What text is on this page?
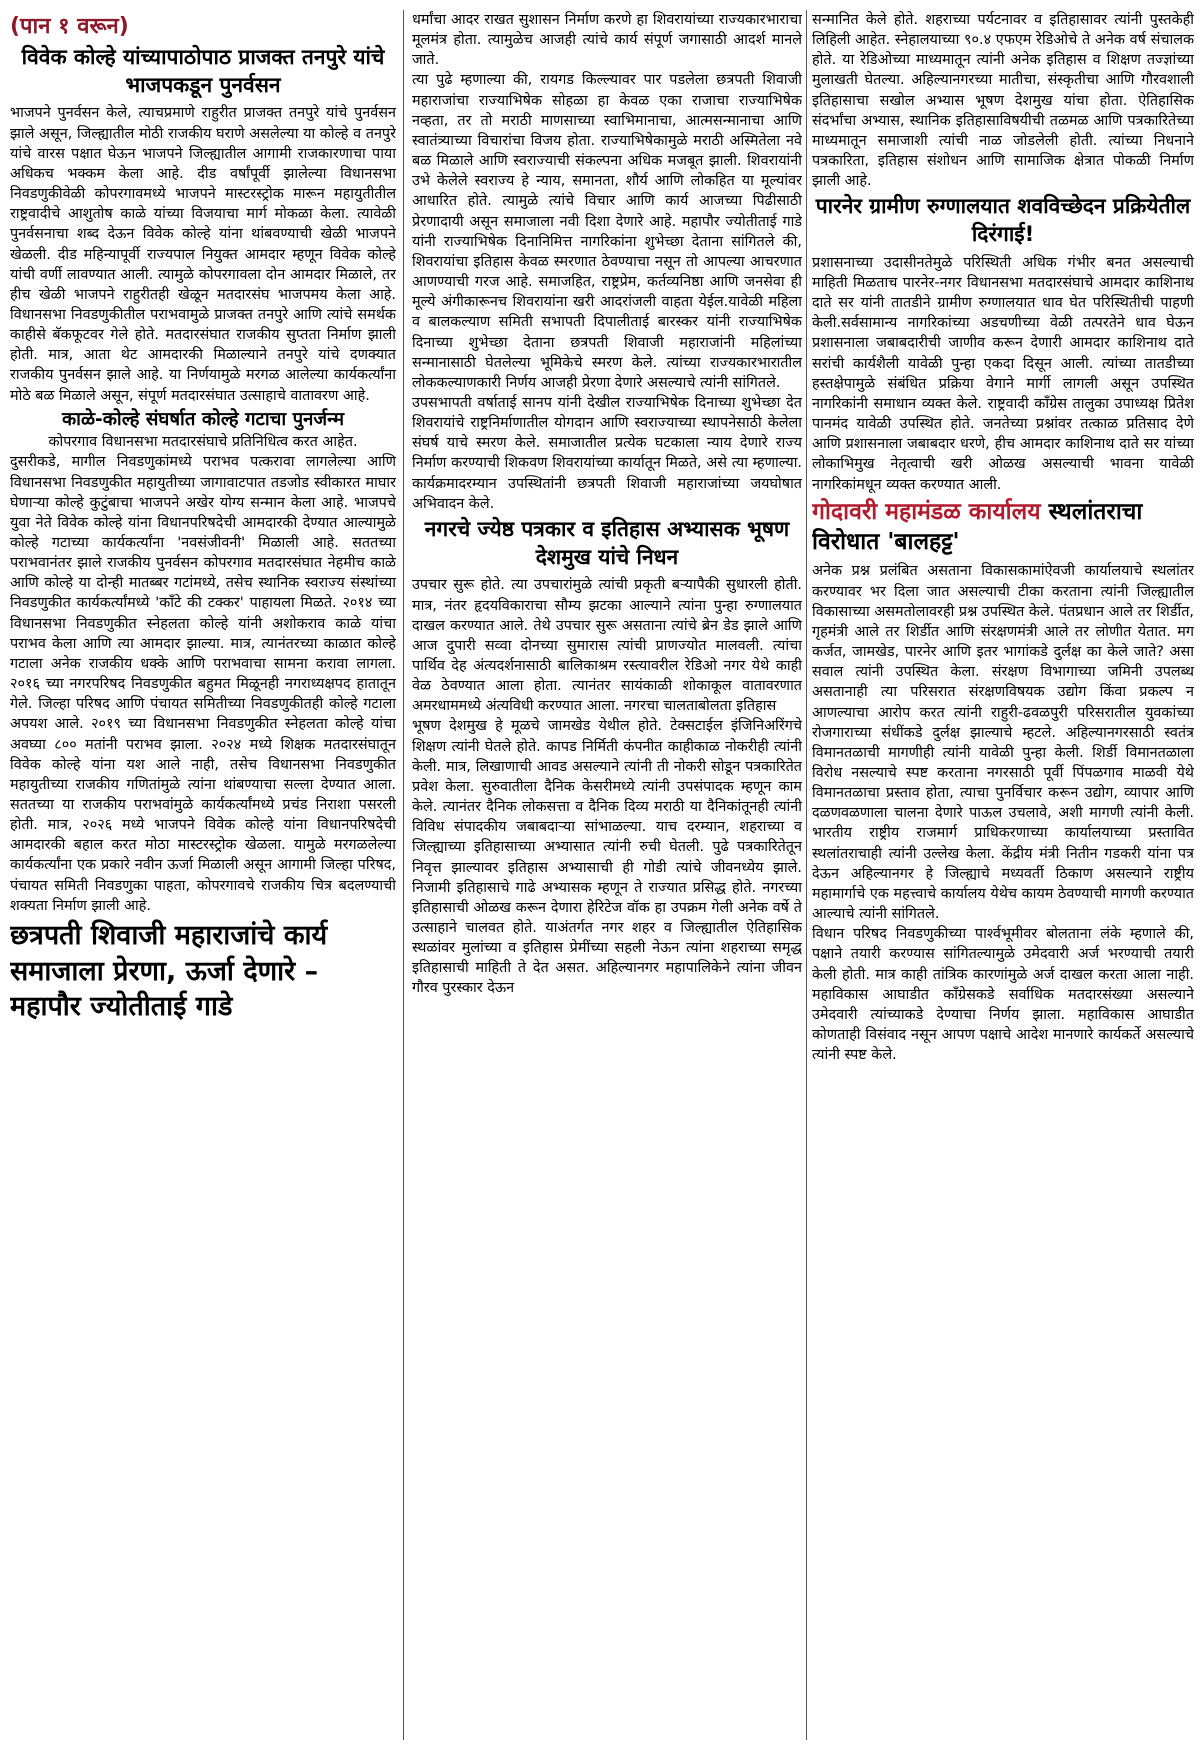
(पान १ वरून)
विवेक कोल्हे यांच्यापाठोपाठ प्राजक्त तनपुरे यांचे भाजपकडून पुनर्वसन

भाजपने पुनर्वसन केले, त्याचप्रमाणे राहुरीत प्राजक्त तनपुरे यांचे पुनर्वसन झाले असून, जिल्ह्यातील मोठी राजकीय घराणे असलेल्या या कोल्हे व तनपुरे यांचे वारस पक्षात घेऊन भाजपने जिल्ह्यातील आगामी राजकारणाचा पाया अधिकच भक्कम केला आहे. दीड वर्षांपूर्वी झालेल्या विधानसभा निवडणुकीवेळी कोपरगावमध्ये भाजपने मास्टरस्ट्रोक मारून महायुतीतील राष्ट्रवादीचे आशुतोष काळे यांच्या विजयाचा मार्ग मोकळा केला. त्यावेळी पुनर्वसनाचा शब्द देऊन विवेक कोल्हे यांना थांबवण्याची खेळी भाजपने खेळली. दीड महिन्यापूर्वी राज्यपाल नियुक्त आमदार म्हणून विवेक कोल्हे यांची वर्णी लावण्यात आली. त्यामुळे कोपरगावला दोन आमदार मिळाले, तर हीच खेळी भाजपने राहुरीतही खेळून मतदारसंघ भाजपमय केला आहे. विधानसभा निवडणुकीतील पराभवामुळे प्राजक्त तनपुरे आणि त्यांचे समर्थक काहीसे बॅकफूटवर गेले होते. मतदारसंघात राजकीय सुप्तता निर्माण झाली होती. मात्र, आता थेट आमदारकी मिळाल्याने तनपुरे यांचे दणक्यात राजकीय पुनर्वसन झाले आहे. या निर्णयामुळे मरगळ आलेल्या कार्यकर्त्यांना मोठे बळ मिळाले असून, संपूर्ण मतदारसंघात उत्साहाचे वातावरण आहे.

काळे-कोल्हे संघर्षात कोल्हे गटाचा पुनर्जन्म

कोपरगाव विधानसभा मतदारसंघाचे प्रतिनिधित्व करत आहेत.

दुसरीकडे, मागील निवडणुकांमध्ये पराभव पत्करावा लागलेल्या आणि विधानसभा निवडणुकीत महायुतीच्या जागावाटपात तडजोड स्वीकारत माघार घेणाऱ्या कोल्हे कुटुंबाचा भाजपने अखेर योग्य सन्मान केला आहे. भाजपचे युवा नेते विवेक कोल्हे यांना विधानपरिषदेची आमदारकी देण्यात आल्यामुळे कोल्हे गटाच्या कार्यकर्त्यांना 'नवसंजीवनी' मिळाली आहे. सततच्या पराभवानंतर झाले राजकीय पुनर्वसन कोपरगाव मतदारसंघात नेहमीच काळे आणि कोल्हे या दोन्ही मातब्बर गटांमध्ये, तसेच स्थानिक स्वराज्य संस्थांच्या निवडणुकीत कार्यकर्त्यांमध्ये 'काँटे की टक्कर' पाहायला मिळते. २०१४ च्या विधानसभा निवडणुकीत स्नेहलता कोल्हे यांनी अशोकराव काळे यांचा पराभव केला आणि त्या आमदार झाल्या. मात्र, त्यानंतरच्या काळात कोल्हे गटाला अनेक राजकीय धक्के आणि पराभवाचा सामना करावा लागला. २०१६ च्या नगरपरिषद निवडणुकीत बहुमत मिळूनही नगराध्यक्षपद हातातून गेले. जिल्हा परिषद आणि पंचायत समितीच्या निवडणुकीतही कोल्हे गटाला अपयश आले. २०१९ च्या विधानसभा निवडणुकीत स्नेहलता कोल्हे यांचा अवघ्या ८०० मतांनी पराभव झाला. २०२४ मध्ये शिक्षक मतदारसंघातून विवेक कोल्हे यांना यश आले नाही, तसेच विधानसभा निवडणुकीत महायुतीच्या राजकीय गणितांमुळे त्यांना थांबण्याचा सल्ला देण्यात आला. सततच्या या राजकीय पराभवांमुळे कार्यकर्त्यांमध्ये प्रचंड निराशा पसरली होती. मात्र, २०२६ मध्ये भाजपने विवेक कोल्हे यांना विधानपरिषदेची आमदारकी बहाल करत मोठा मास्टरस्ट्रोक खेळला. यामुळे मरगळलेल्या कार्यकर्त्यांना एक प्रकारे नवीन ऊर्जा मिळाली असून आगामी जिल्हा परिषद, पंचायत समिती निवडणुका पाहता, कोपरगावचे राजकीय चित्र बदलण्याची शक्यता निर्माण झाली आहे.

छत्रपती शिवाजी महाराजांचे कार्य समाजाला प्रेरणा, ऊर्जा देणारे – महापौर ज्योतीताई गाडे

धर्मांचा आदर राखत सुशासन निर्माण करणे हा शिवरायांच्या राज्यकारभाराचा मूलमंत्र होता. त्यामुळेच आजही त्यांचे कार्य संपूर्ण जगासाठी आदर्श मानले जाते.

त्या पुढे म्हणाल्या की, रायगड किल्ल्यावर पार पडलेला छत्रपती शिवाजी महाराजांचा राज्याभिषेक सोहळा हा केवळ एका राजाचा राज्याभिषेक नव्हता, तर तो मराठी माणसाच्या स्वाभिमानाचा, आत्मसन्मानाचा आणि स्वातंत्र्याच्या विचारांचा विजय होता. राज्याभिषेकामुळे मराठी अस्मितेला नवे बळ मिळाले आणि स्वराज्याची संकल्पना अधिक मजबूत झाली. शिवरायांनी उभे केलेले स्वराज्य हे न्याय, समानता, शौर्य आणि लोकहित या मूल्यांवर आधारित होते. त्यामुळे त्यांचे विचार आणि कार्य आजच्या पिढीसाठी प्रेरणादायी असून समाजाला नवी दिशा देणारे आहे. महापौर ज्योतीताई गाडे यांनी राज्याभिषेक दिनानिमित्त नागरिकांना शुभेच्छा देताना सांगितले की, शिवरायांचा इतिहास केवळ स्मरणात ठेवण्याचा नसून तो आपल्या आचरणात आणण्याची गरज आहे. समाजहित, राष्ट्रप्रेम, कर्तव्यनिष्ठा आणि जनसेवा ही मूल्ये अंगीकारूनच शिवरायांना खरी आदरांजली वाहता येईल.यावेळी महिला व बालकल्याण समिती सभापती दिपालीताई बारस्कर यांनी राज्याभिषेक दिनाच्या शुभेच्छा देताना छत्रपती शिवाजी महाराजांनी महिलांच्या सन्मानासाठी घेतलेल्या भूमिकेचे स्मरण केले. त्यांच्या राज्यकारभारातील लोककल्याणकारी निर्णय आजही प्रेरणा देणारे असल्याचे त्यांनी सांगितले.

उपसभापती वर्षाताई सानप यांनी देखील राज्याभिषेक दिनाच्या शुभेच्छा देत शिवरायांचे राष्ट्रनिर्माणातील योगदान आणि स्वराज्याच्या स्थापनेसाठी केलेला संघर्ष याचे स्मरण केले. समाजातील प्रत्येक घटकाला न्याय देणारे राज्य निर्माण करण्याची शिकवण शिवरायांच्या कार्यातून मिळते, असे त्या म्हणाल्या. कार्यक्रमादरम्यान उपस्थितांनी छत्रपती शिवाजी महाराजांच्या जयघोषात अभिवादन केले.

नगरचे ज्येष्ठ पत्रकार व इतिहास अभ्यासक भूषण देशमुख यांचे निधन

उपचार सुरू होते. त्या उपचारांमुळे त्यांची प्रकृती बऱ्यापैकी सुधारली होती. मात्र, नंतर हृदयविकाराचा सौम्य झटका आल्याने त्यांना पुन्हा रुग्णालयात दाखल करण्यात आले. तेथे उपचार सुरू असताना त्यांचे ब्रेन डेड झाले आणि आज दुपारी सव्वा दोनच्या सुमारास त्यांची प्राणज्योत मालवली. त्यांचा पार्थिव देह अंत्यदर्शनासाठी बालिकाश्रम रस्त्यावरील रेडिओ नगर येथे काही वेळ ठेवण्यात आला होता. त्यानंतर सायंकाळी शोकाकूल वातावरणात अमरधाममध्ये अंत्यविधी करण्यात आला. नगरचा चालताबोलता इतिहास

भूषण देशमुख हे मूळचे जामखेड येथील होते. टेक्सटाईल इंजिनिअरिंगचे शिक्षण त्यांनी घेतले होते. कापड निर्मिती कंपनीत काहीकाळ नोकरीही त्यांनी केली. मात्र, लिखाणाची आवड असल्याने त्यांनी ती नोकरी सोडून पत्रकारितेत प्रवेश केला. सुरुवातीला दैनिक केसरीमध्ये त्यांनी उपसंपादक म्हणून काम केले. त्यानंतर दैनिक लोकसत्ता व दैनिक दिव्य मराठी या दैनिकांतूनही त्यांनी विविध संपादकीय जबाबदाऱ्या सांभाळल्या. याच दरम्यान, शहराच्या व जिल्ह्याच्या इतिहासाच्या अभ्यासात त्यांनी रुची घेतली. पुढे पत्रकारितेतून निवृत्त झाल्यावर इतिहास अभ्यासाची ही गोडी त्यांचे जीवनध्येय झाले. निजामी इतिहासाचे गाढे अभ्यासक म्हणून ते राज्यात प्रसिद्ध होते. नगरच्या इतिहासाची ओळख करून देणारा हेरिटेज वॉक हा उपक्रम गेली अनेक वर्षे ते उत्साहाने चालवत होते. याअंतर्गत नगर शहर व जिल्ह्यातील ऐतिहासिक स्थळांवर मुलांच्या व इतिहास प्रेमींच्या सहली नेऊन त्यांना शहराच्या समृद्ध इतिहासाची माहिती ते देत असत. अहिल्यानगर महापालिकेने त्यांना जीवन गौरव पुरस्कार देऊन

सन्मानित केले होते. शहराच्या पर्यटनावर व इतिहासावर त्यांनी पुस्तकेही लिहिली आहेत. स्नेहालयाच्या ९०.४ एफएम रेडिओचे ते अनेक वर्ष संचालक होते. या रेडिओच्या माध्यमातून त्यांनी अनेक इतिहास व शिक्षण तज्ज्ञांच्या मुलाखती घेतल्या. अहिल्यानगरच्या मातीचा, संस्कृतीचा आणि गौरवशाली इतिहासाचा सखोल अभ्यास भूषण देशमुख यांचा होता. ऐतिहासिक संदर्भांचा अभ्यास, स्थानिक इतिहासाविषयीची तळमळ आणि पत्रकारितेच्या माध्यमातून समाजाशी त्यांची नाळ जोडलेली होती. त्यांच्या निधनाने पत्रकारिता, इतिहास संशोधन आणि सामाजिक क्षेत्रात पोकळी निर्माण झाली आहे.

पारनेर ग्रामीण रुग्णालयात शवविच्छेदन प्रक्रियेतील दिरंगाई!

प्रशासनाच्या उदासीनतेमुळे परिस्थिती अधिक गंभीर बनत असल्याची माहिती मिळताच पारनेर-नगर विधानसभा मतदारसंघाचे आमदार काशिनाथ दाते सर यांनी तातडीने ग्रामीण रुग्णालयात धाव घेत परिस्थितीची पाहणी केली.सर्वसामान्य नागरिकांच्या अडचणीच्या वेळी तत्परतेने धाव घेऊन प्रशासनाला जबाबदारीची जाणीव करून देणारी आमदार काशिनाथ दाते सरांची कार्यशैली यावेळी पुन्हा एकदा दिसून आली. त्यांच्या तातडीच्या हस्तक्षेपामुळे संबंधित प्रक्रिया वेगाने मार्गी लागली असून उपस्थित नागरिकांनी समाधान व्यक्त केले. राष्ट्रवादी काँग्रेस तालुका उपाध्यक्ष प्रितेश पानमंद यावेळी उपस्थित होते. जनतेच्या प्रश्नांवर तत्काळ प्रतिसाद देणे आणि प्रशासनाला जबाबदार धरणे, हीच आमदार काशिनाथ दाते सर यांच्या लोकाभिमुख नेतृत्वाची खरी ओळख असल्याची भावना यावेळी नागरिकांमधून व्यक्त करण्यात आली.

गोदावरी महामंडळ कार्यालय स्थलांतराचा विरोधात 'बालहट्ट'

अनेक प्रश्न प्रलंबित असताना विकासकामांऐवजी कार्यालयाचे स्थलांतर करण्यावर भर दिला जात असल्याची टीका करताना त्यांनी जिल्ह्यातील विकासाच्या असमतोलावरही प्रश्न उपस्थित केले. पंतप्रधान आले तर शिर्डीत, गृहमंत्री आले तर शिर्डीत आणि संरक्षणमंत्री आले तर लोणीत येतात. मग कर्जत, जामखेड, पारनेर आणि इतर भागांकडे दुर्लक्ष का केले जाते? असा सवाल त्यांनी उपस्थित केला. संरक्षण विभागाच्या जमिनी उपलब्ध असतानाही त्या परिसरात संरक्षणविषयक उद्योग किंवा प्रकल्प न आणल्याचा आरोप करत त्यांनी राहुरी-ढवळपुरी परिसरातील युवकांच्या रोजगाराच्या संधींकडे दुर्लक्ष झाल्याचे म्हटले. अहिल्यानगरसाठी स्वतंत्र विमानतळाची मागणीही त्यांनी यावेळी पुन्हा केली. शिर्डी विमानतळाला विरोध नसल्याचे स्पष्ट करताना नगरसाठी पूर्वी पिंपळगाव माळवी येथे विमानतळाचा प्रस्ताव होता, त्याचा पुनर्विचार करून उद्योग, व्यापार आणि दळणवळणाला चालना देणारे पाऊल उचलावे, अशी मागणी त्यांनी केली. भारतीय राष्ट्रीय राजमार्ग प्राधिकरणाच्या कार्यालयाच्या प्रस्तावित स्थलांतराचाही त्यांनी उल्लेख केला. केंद्रीय मंत्री नितीन गडकरी यांना पत्र देऊन अहिल्यानगर हे जिल्ह्याचे मध्यवर्ती ठिकाण असल्याने राष्ट्रीय महामार्गाचे एक महत्त्वाचे कार्यालय येथेच कायम ठेवण्याची मागणी करण्यात आल्याचे त्यांनी सांगितले.

विधान परिषद निवडणुकीच्या पार्श्वभूमीवर बोलताना लंके म्हणाले की, पक्षाने तयारी करण्यास सांगितल्यामुळे उमेदवारी अर्ज भरण्याची तयारी केली होती. मात्र काही तांत्रिक कारणांमुळे अर्ज दाखल करता आला नाही. महाविकास आघाडीत काँग्रेसकडे सर्वाधिक मतदारसंख्या असल्याने उमेदवारी त्यांच्याकडे देण्याचा निर्णय झाला. महाविकास आघाडीत कोणताही विसंवाद नसून आपण पक्षाचे आदेश मानणारे कार्यकर्ते असल्याचे त्यांनी स्पष्ट केले.
